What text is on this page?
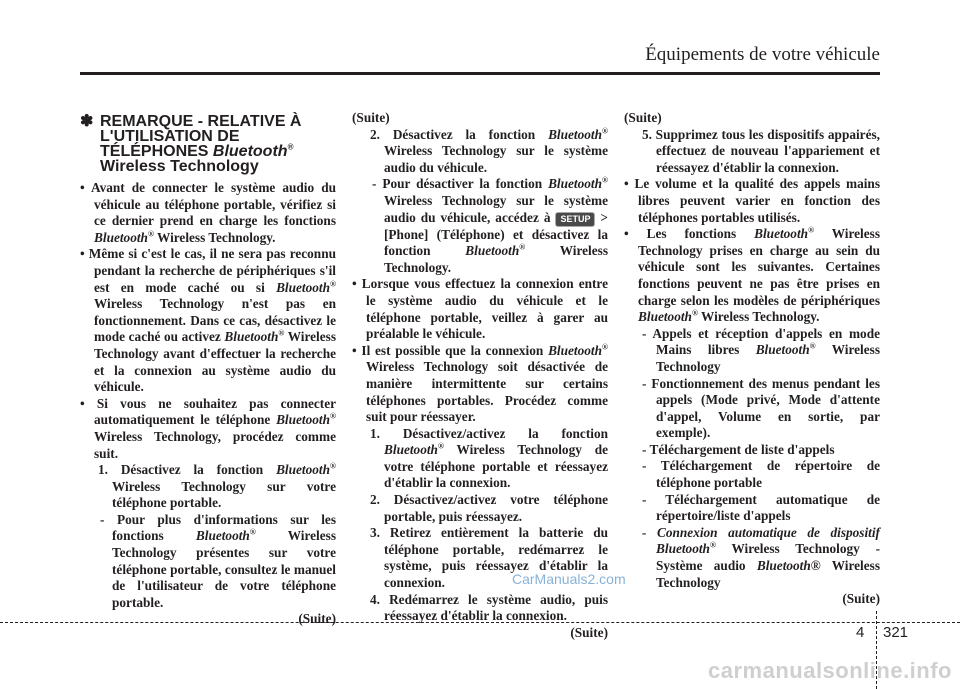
Équipements de votre véhicule
✽ REMARQUE - RELATIVE À
L'UTILISATION DE
TÉLÉPHONES Bluetooth®
Wireless Technology

• Avant de connecter le système audio du véhicule au téléphone portable, vérifiez si ce dernier prend en charge les fonctions Bluetooth® Wireless Technology.

• Même si c'est le cas, il ne sera pas reconnu pendant la recherche de périphériques s'il est en mode caché ou si Bluetooth® Wireless Technology n'est pas en fonctionnement. Dans ce cas, désactivez le mode caché ou activez Bluetooth® Wireless Technology avant d'effectuer la recherche et la connexion au système audio du véhicule.

• Si vous ne souhaitez pas connecter automatiquement le téléphone Bluetooth® Wireless Technology, procédez comme suit.

1. Désactivez la fonction Bluetooth® Wireless Technology sur votre téléphone portable.

- Pour plus d'informations sur les fonctions Bluetooth® Wireless Technology présentes sur votre téléphone portable, consultez le manuel de l'utilisateur de votre téléphone portable.

(Suite)

(Suite)

2. Désactivez la fonction Bluetooth® Wireless Technology sur le système audio du véhicule.

- Pour désactiver la fonction Bluetooth® Wireless Technology sur le système audio du véhicule, accédez à SETUP > [Phone] (Téléphone) et désactivez la fonction Bluetooth® Wireless Technology.

• Lorsque vous effectuez la connexion entre le système audio du véhicule et le téléphone portable, veillez à garer au préalable le véhicule.

• Il est possible que la connexion Bluetooth® Wireless Technology soit désactivée de manière intermittente sur certains téléphones portables. Procédez comme suit pour réessayer.

1. Désactivez/activez la fonction Bluetooth® Wireless Technology de votre téléphone portable et réessayez d'établir la connexion.

2. Désactivez/activez votre téléphone portable, puis réessayez.

3. Retirez entièrement la batterie du téléphone portable, redémarrez le système, puis réessayez d'établir la connexion.

4. Redémarrez le système audio, puis réessayez d'établir la connexion.

(Suite)

(Suite)

5. Supprimez tous les dispositifs appairés, effectuez de nouveau l'appariement et réessayez d'établir la connexion.

• Le volume et la qualité des appels mains libres peuvent varier en fonction des téléphones portables utilisés.

• Les fonctions Bluetooth® Wireless Technology prises en charge au sein du véhicule sont les suivantes. Certaines fonctions peuvent ne pas être prises en charge selon les modèles de périphériques Bluetooth® Wireless Technology.

- Appels et réception d'appels en mode Mains libres Bluetooth® Wireless Technology

- Fonctionnement des menus pendant les appels (Mode privé, Mode d'attente d'appel, Volume en sortie, par exemple).

- Téléchargement de liste d'appels

- Téléchargement de répertoire de téléphone portable

- Téléchargement automatique de répertoire/liste d'appels

- Connexion automatique de dispositif Bluetooth® Wireless Technology - Système audio Bluetooth® Wireless Technology

(Suite)

CarManuals2.com
4 321
carmanualsonline.info
